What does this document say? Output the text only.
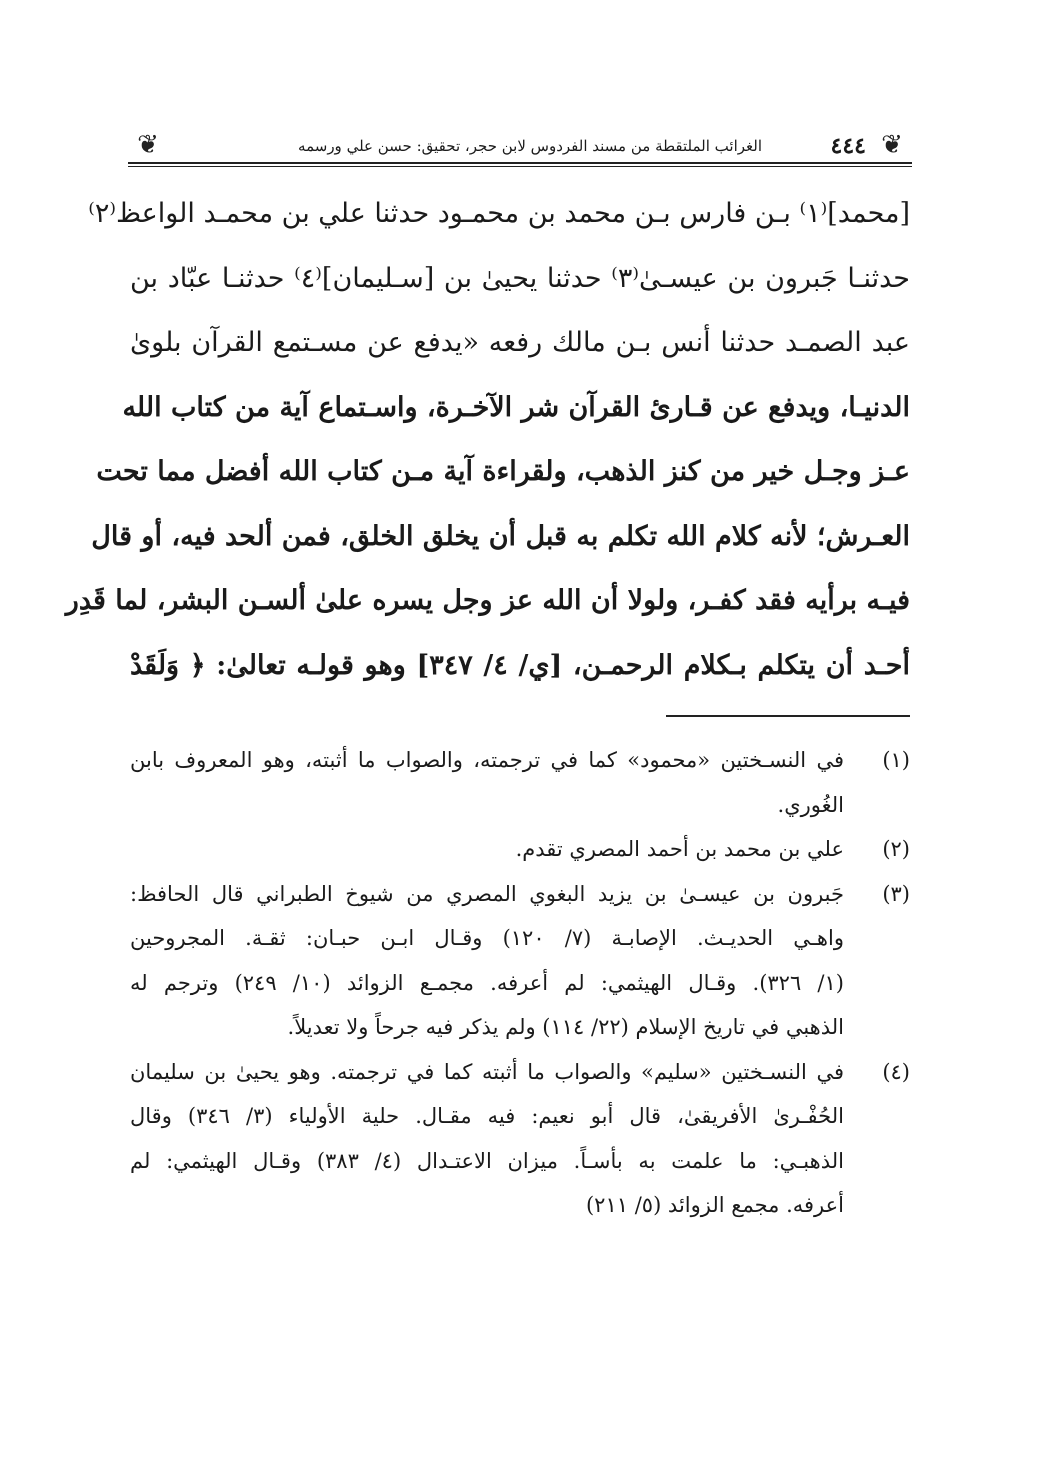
❦
٤٤٤
الغرائب الملتقطة من مسند الفردوس لابن حجر، تحقيق: حسن علي ورسمه
❦
[محمد]⁽١⁾ بـن فارس بـن محمد بن محمـود حدثنا علي بن محمـد الواعظ⁽٢⁾
حدثنـا جَبرون بن عيسـىٰ⁽٣⁾ حدثنا يحيىٰ بن [سـليمان]⁽٤⁾ حدثنـا عبّاد بن
عبد الصمـد حدثنا أنس بـن مالك رفعه «يدفع عن مسـتمع القرآن بلوىٰ
الدنيـا، ويدفع عن قـارئ القرآن شر الآخـرة، واسـتماع آية من كتاب الله
عـز وجـل خير من كنز الذهب، ولقراءة آية مـن كتاب الله أفضل مما تحت
العـرش؛ لأنه كلام الله تكلم به قبل أن يخلق الخلق، فمن ألحد فيه، أو قال
فيـه برأيه فقد كفـر، ولولا أن الله عز وجل يسره علىٰ ألسـن البشر، لما قَدِر
أحـد أن يتكلم بـكلام الرحمـن، [ي/ ٤/ ٣٤٧] وهو قولـه تعالىٰ: ﴿ وَلَقَدْ
(١)
في النسـختين «محمود» كما في ترجمته، والصواب ما أثبته، وهو المعروف بابن
الغُوري.
(٢)
علي بن محمد بن أحمد المصري تقدم.
(٣)
جَبرون بن عيسـىٰ بن يزيد البغوي المصري من شيوخ الطبراني قال الحافظ:
واهـي الحديـث. الإصابـة (٧/ ١٢٠) وقـال ابـن حبـان: ثقـة. المجروحين
(١/ ٣٢٦). وقـال الهيثمي: لم أعرفه. مجمـع الزوائد (١٠/ ٢٤٩) وترجم له
الذهبي في تاريخ الإسلام (٢٢/ ١١٤) ولم يذكر فيه جرحاً ولا تعديلاً.
(٤)
في النسـختين «سليم» والصواب ما أثبته كما في ترجمته. وهو يحيىٰ بن سليمان
الحُفْـرىٰ الأفريقىٰ، قال أبو نعيم: فيه مقـال. حلية الأولياء (٣/ ٣٤٦) وقال
الذهبـي: ما علمت به بأسـاً. ميزان الاعتـدال (٤/ ٣٨٣) وقـال الهيثمي: لم
أعرفه. مجمع الزوائد (٥/ ٢١١)
